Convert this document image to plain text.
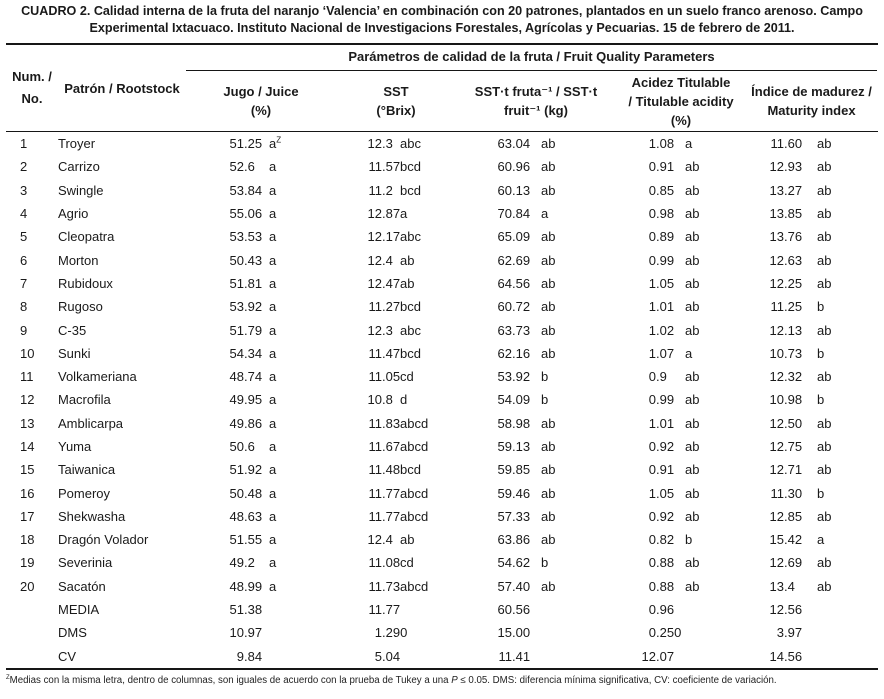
CUADRO 2. Calidad interna de la fruta del naranjo ‘Valencia’ en combinación con 20 patrones, plantados en un suelo franco arenoso. Campo Experimental Ixtacuaco. Instituto Nacional de Investigacions Forestales, Agrícolas y Pecuarias. 15 de febrero de 2011.
Num. /
No.
Patrón / Rootstock
Parámetros de calidad de la fruta / Fruit Quality Parameters
Jugo / Juice
(%)
SST
(°Brix)
SST·t fruta⁻¹ / SST·t
fruit⁻¹ (kg)
Acidez Titulable
/ Titulable acidity
(%)
Índice de madurez /
Maturity index
1	Troyer	51 .25 $a^Z$	12 .3 abc	63 .04 ab	1 .08 a	11 .60	ab
2	Carrizo	52 .6	a	11 .57 bcd	60 .96 ab	0 .91 ab	12 .93	ab
3	Swingle	53 .84 a	11 .2 bcd	60 .13 ab	0 .85 ab	13 .27	ab
4	Agrio	55 .06 a	12 .87 a	70 .84 a	0 .98 ab	13 .85	ab
5	Cleopatra	53 .53 a	12 .17 abc	65 .09 ab	0 .89 ab	13 .76	ab
6	Morton	50 .43 a	12 .4 ab	62 .69 ab	0 .99 ab	12 .63	ab
7	Rubidoux	51 .81 a	12 .47 ab	64 .56 ab	1 .05 ab	12 .25	ab
8	Rugoso	53 .92 a	11 .27 bcd	60 .72 ab	1 .01 ab	11 .25	b
9	C-35	51 .79 a	12 .3 abc	63 .73 ab	1 .02 ab	12 .13	ab
10	Sunki	54 .34 a	11 .47 bcd	62 .16 ab	1 .07 a	10 .73	b
11	Volkameriana	48 .74 a	11 .05 cd	53 .92 b	0 .9	ab	12 .32	ab
12	Macrofila	49 .95 a	10 .8 d	54 .09 b	0 .99 ab	10 .98	b
13	Amblicarpa	49 .86 a	11 .83 abcd	58 .98 ab	1 .01 ab	12 .50	ab
14	Yuma	50 .6	a	11 .67 abcd	59 .13 ab	0 .92 ab	12 .75	ab
15	Taiwanica	51 .92 a	11 .48 bcd	59 .85 ab	0 .91 ab	12 .71	ab
16	Pomeroy	50 .48 a	11 .77 abcd	59 .46 ab	1 .05 ab	11 .30	b
17	Shekwasha	48 .63 a	11 .77 abcd	57 .33 ab	0 .92 ab	12 .85	ab
18	Dragón Volador	51 .55 a	12 .4 ab	63 .86 ab	0 .82 b	15 .42	a
19	Severinia	49 .2	a	11 .08 cd	54 .62 b	0 .88 ab	12 .69	ab
20	Sacatón	48 .99 a	11 .73 abcd	57 .40 ab	0 .88 ab	13 .4	ab
MEDIA	51 .38	11 .77	60 .56	0 .96	12 .56
DMS	10 .97	1 .290	15 .00	0 .250	3 .97
CV	9 .84	5 .04	11 .41	12 .07	14 .56
$^Z$Medias con la misma letra, dentro de columnas, son iguales de acuerdo con la prueba de Tukey a una P ≤ 0.05. DMS: diferencia mínima significativa, CV: coeficiente de variación.
